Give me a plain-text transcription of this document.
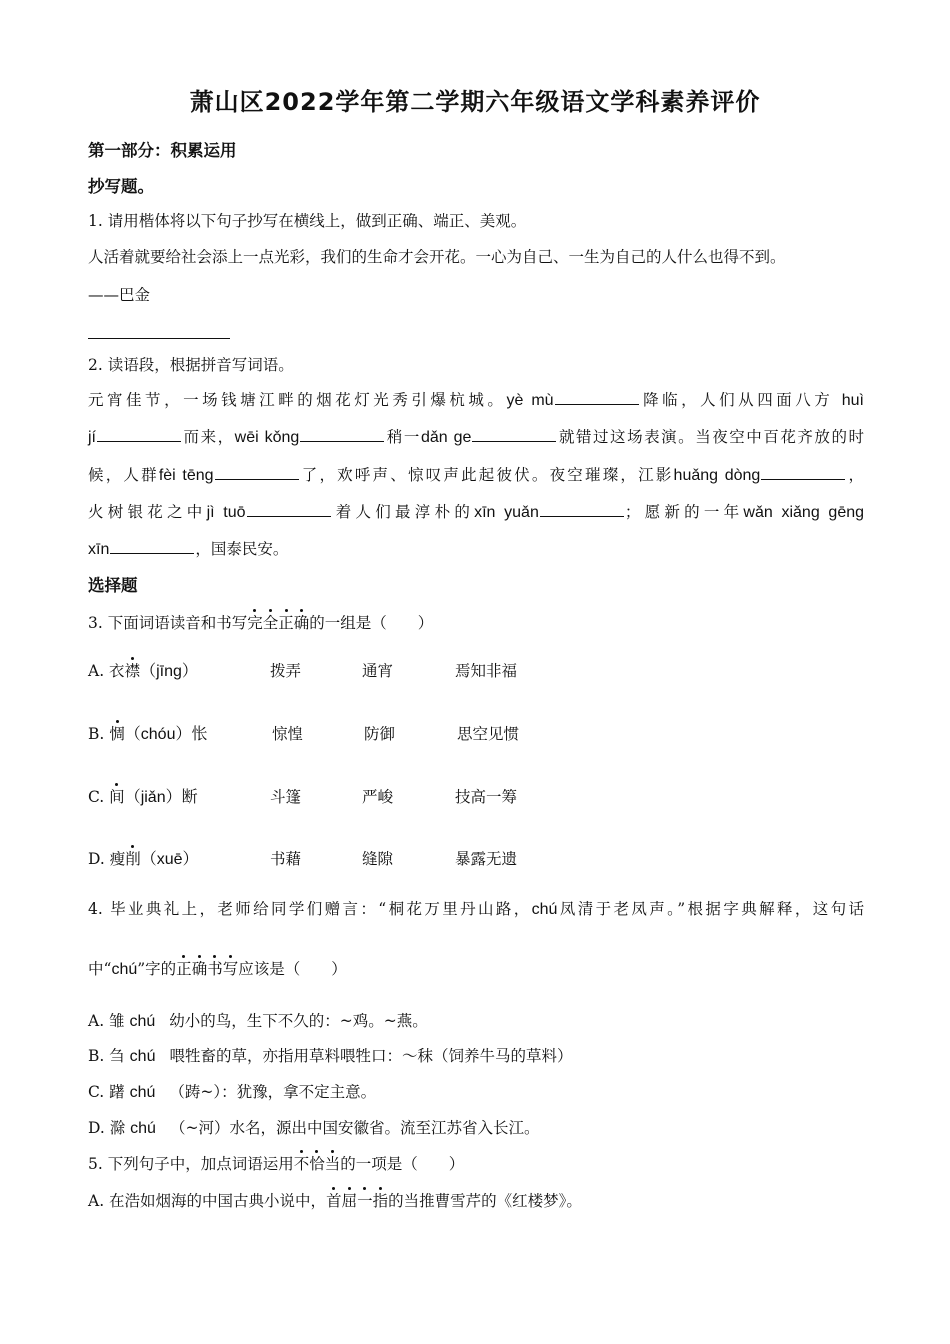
萧山区2022学年第二学期六年级语文学科素养评价
第一部分：积累运用
抄写题。
1. 请用楷体将以下句子抄写在横线上，做到正确、端正、美观。
人活着就要给社会添上一点光彩，我们的生命才会开花。一心为自己、一生为自己的人什么也得不到。
——巴金
2. 读语段，根据拼音写词语。
元宵佳节，一场钱塘江畔的烟花灯光秀引爆杭城。yè mù	降临，人们从四面八方 huì
jí	而来，wēi kǒng	稍一dǎn ge	就错过这场表演。当夜空中百花齐放的时
候，人群fèi tēng	了，欢呼声、惊叹声此起彼伏。夜空璀璨，江影huǎng dòng	，
火树银花之中jì tuō	着人们最淳朴的xīn yuǎn	；愿新的一年wǎn xiǎng gēng
xīn	，国泰民安。
选择题
3. 下面词语读音和书写完全正确的一组是（　　）
A. 衣襟（jīng）	拨弄	通宵	焉知非福
B. 惆（chóu）怅	惊惶	防御	思空见惯
C. 间（jiǎn）断	斗篷	严峻	技高一筹
D. 瘦削（xuē）	书藉	缝隙	暴露无遗
4. 毕业典礼上，老师给同学们赠言：“桐花万里丹山路，chú凤清于老凤声。”根据字典解释，这句话
中“chú”字的正确书写应该是（　　）
A. 雏 chú 幼小的鸟，生下不久的：~鸡。~燕。
B. 刍 chú 喂牲畜的草，亦指用草料喂牲口：～秣（饲养牛马的草料）
C. 躇 chú （踌~）：犹豫，拿不定主意。
D. 滁 chú （~河）水名，源出中国安徽省。流至江苏省入长江。
5. 下列句子中，加点词语运用不恰当的一项是（　　）
A. 在浩如烟海的中国古典小说中，首屈一指的当推曹雪芹的《红楼梦》。
